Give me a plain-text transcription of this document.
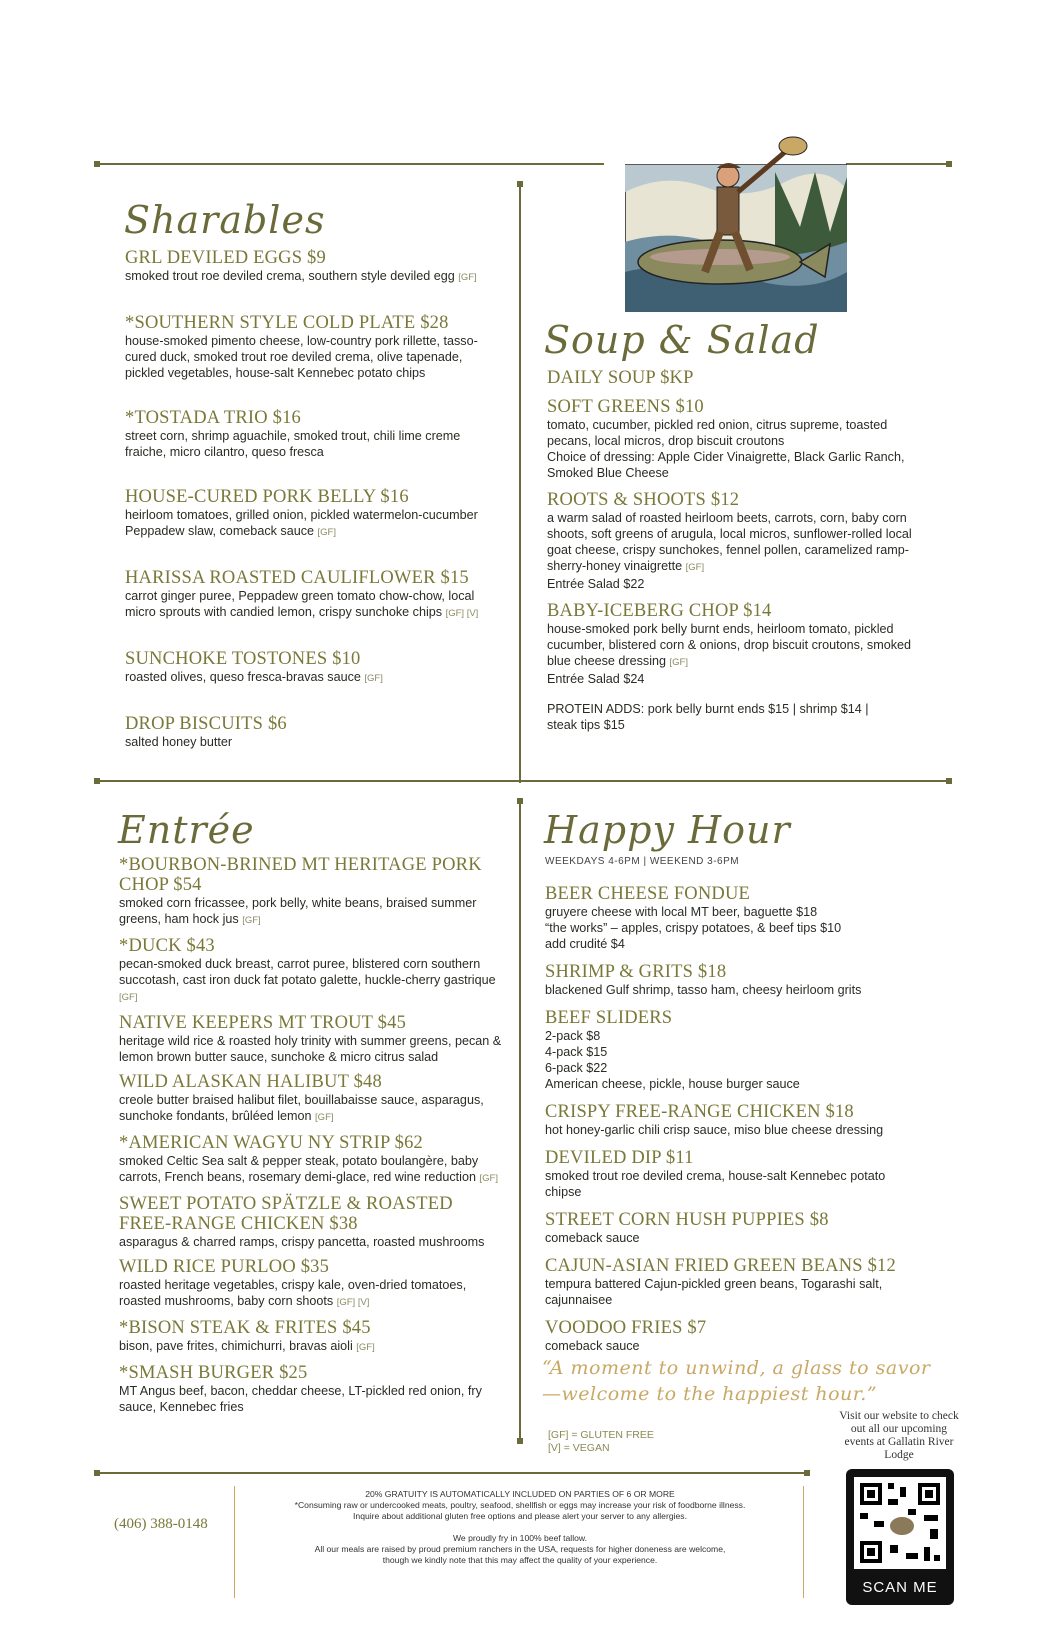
Sharables
GRL DEVILED EGGS $9
smoked trout roe deviled crema, southern style deviled egg [GF]
*SOUTHERN STYLE COLD PLATE $28
house-smoked pimento cheese, low-country pork rillette, tasso-cured duck, smoked trout roe deviled crema, olive tapenade, pickled vegetables, house-salt Kennebec potato chips
*TOSTADA TRIO $16
street corn, shrimp aguachile, smoked trout, chili lime creme fraiche, micro cilantro, queso fresca
HOUSE-CURED PORK BELLY $16
heirloom tomatoes, grilled onion, pickled watermelon-cucumber Peppadew slaw, comeback sauce [GF]
HARISSA ROASTED CAULIFLOWER $15
carrot ginger puree, Peppadew green tomato chow-chow, local micro sprouts with candied lemon, crispy sunchoke chips [GF] [V]
SUNCHOKE TOSTONES $10
roasted olives, queso fresca-bravas sauce [GF]
DROP BISCUITS $6
salted honey butter
Soup & Salad
DAILY SOUP $KP
SOFT GREENS $10
tomato, cucumber, pickled red onion, citrus supreme, toasted pecans, local micros, drop biscuit croutons
Choice of dressing: Apple Cider Vinaigrette, Black Garlic Ranch, Smoked Blue Cheese
ROOTS & SHOOTS $12
a warm salad of roasted heirloom beets, carrots, corn, baby corn shoots, soft greens of arugula, local micros, sunflower-rolled local goat cheese, crispy sunchokes, fennel pollen, caramelized ramp-sherry-honey vinaigrette [GF]
Entrée Salad $22
BABY-ICEBERG CHOP $14
house-smoked pork belly burnt ends, heirloom tomato, pickled cucumber, blistered corn & onions, drop biscuit croutons, smoked blue cheese dressing [GF]
Entrée Salad $24
PROTEIN ADDS: pork belly burnt ends $15 | shrimp $14 | steak tips $15
Entrée
*BOURBON-BRINED MT HERITAGE PORK CHOP $54
smoked corn fricassee, pork belly, white beans, braised summer greens, ham hock jus [GF]
*DUCK $43
pecan-smoked duck breast, carrot puree, blistered corn southern succotash, cast iron duck fat potato galette, huckle-cherry gastrique [GF]
NATIVE KEEPERS MT TROUT $45
heritage wild rice & roasted holy trinity with summer greens, pecan & lemon brown butter sauce, sunchoke & micro citrus salad
WILD ALASKAN HALIBUT $48
creole butter braised halibut filet, bouillabaisse sauce, asparagus, sunchoke fondants, brûléed lemon [GF]
*AMERICAN WAGYU NY STRIP $62
smoked Celtic Sea salt & pepper steak, potato boulangère, baby carrots, French beans, rosemary demi-glace, red wine reduction [GF]
SWEET POTATO SPÄTZLE & ROASTED FREE-RANGE CHICKEN $38
asparagus & charred ramps, crispy pancetta, roasted mushrooms
WILD RICE PURLOO $35
roasted heritage vegetables, crispy kale, oven-dried tomatoes, roasted mushrooms, baby corn shoots [GF] [V]
*BISON STEAK & FRITES $45
bison, pave frites, chimichurri, bravas aioli [GF]
*SMASH BURGER $25
MT Angus beef, bacon, cheddar cheese, LT-pickled red onion, fry sauce, Kennebec fries
Happy Hour
WEEKDAYS 4-6PM | WEEKEND 3-6PM
BEER CHEESE FONDUE
gruyere cheese with local MT beer, baguette $18
“the works” – apples, crispy potatoes, & beef tips $10
add crudité $4
SHRIMP & GRITS $18
blackened Gulf shrimp, tasso ham, cheesy heirloom grits
BEEF SLIDERS
2-pack $8
4-pack $15
6-pack $22
American cheese, pickle, house burger sauce
CRISPY FREE-RANGE CHICKEN $18
hot honey-garlic chili crisp sauce, miso blue cheese dressing
DEVILED DIP $11
smoked trout roe deviled crema, house-salt Kennebec potato chipse
STREET CORN HUSH PUPPIES $8
comeback sauce
CAJUN-ASIAN FRIED GREEN BEANS $12
tempura battered Cajun-pickled green beans, Togarashi salt, cajunnaisee
VOODOO FRIES $7
comeback sauce
“A moment to unwind, a glass to savor—welcome to the happiest hour.”
[GF] = GLUTEN FREE
[V] = VEGAN
Visit our website to check out all our upcoming events at Gallatin River Lodge
SCAN ME
(406) 388-0148
20% GRATUITY IS AUTOMATICALLY INCLUDED ON PARTIES OF 6 OR MORE
*Consuming raw or undercooked meats, poultry, seafood, shellfish or eggs may increase your risk of foodborne illness.
Inquire about additional gluten free options and please alert your server to any allergies.
We proudly fry in 100% beef tallow.
All our meals are raised by proud premium ranchers in the USA, requests for higher doneness are welcome,
though we kindly note that this may affect the quality of your experience.
